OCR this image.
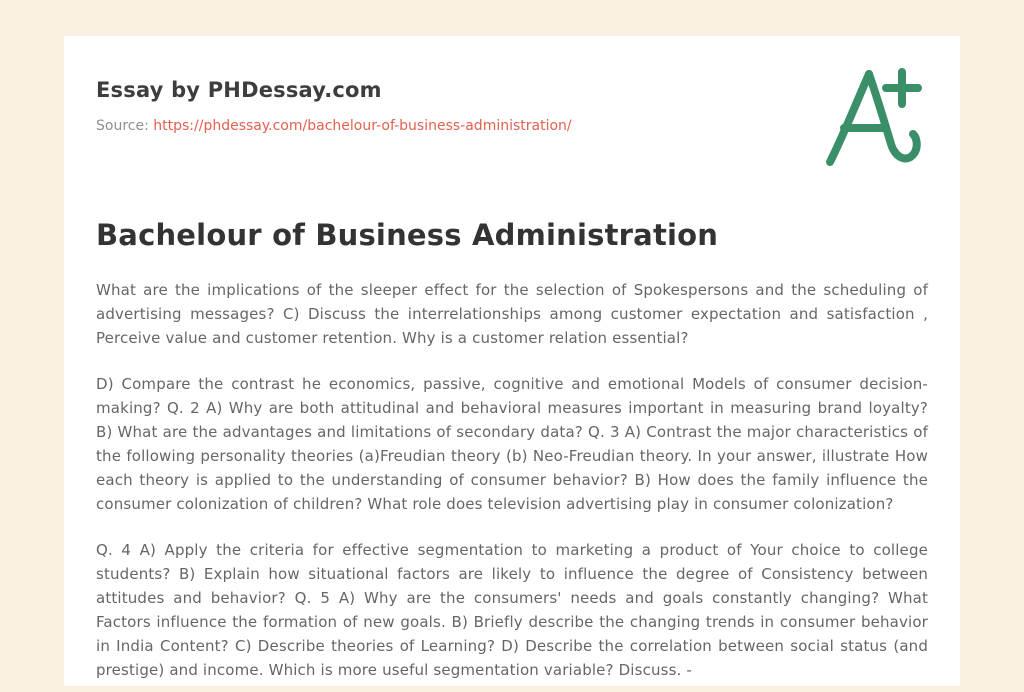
Essay by PHDessay.com

Source: https://phdessay.com/bachelour-of-business-administration/

Bachelour of Business Administration

What are the implications of the sleeper effect for the selection of Spokespersons and the scheduling of advertising messages? C) Discuss the interrelationships among customer expectation and satisfaction , Perceive value and customer retention. Why is a customer relation essential?

D) Compare the contrast he economics, passive, cognitive and emotional Models of consumer decision- making? Q. 2 A) Why are both attitudinal and behavioral measures important in measuring brand loyalty? B) What are the advantages and limitations of secondary data? Q. 3 A) Contrast the major characteristics of the following personality theories (a)Freudian theory (b) Neo-Freudian theory. In your answer, illustrate How each theory is applied to the understanding of consumer behavior? B) How does the family influence the consumer colonization of children? What role does television advertising play in consumer colonization?

Q. 4 A) Apply the criteria for effective segmentation to marketing a product of Your choice to college students? B) Explain how situational factors are likely to influence the degree of Consistency between attitudes and behavior? Q. 5 A) Why are the consumers' needs and goals constantly changing? What Factors influence the formation of new goals. B) Briefly describe the changing trends in consumer behavior in India Content? C) Describe theories of Learning? D) Describe the correlation between social status (and prestige) and income. Which is more useful segmentation variable? Discuss. -
